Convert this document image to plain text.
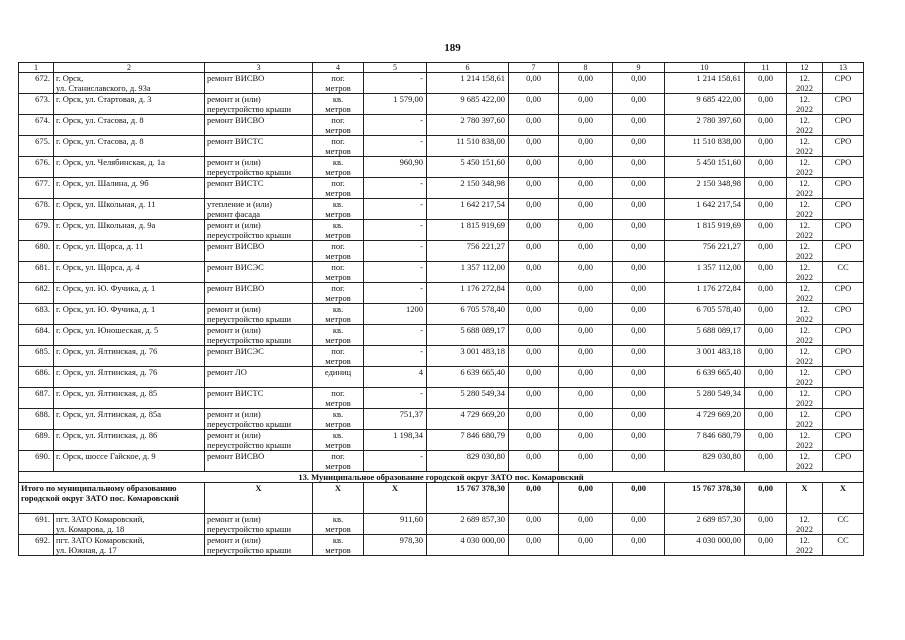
189
1	2	3	4	5	6	7	8	9	10	11	12	13
672.	г. Орск,
ул. Станиславского, д. 93а	ремонт ВИСВО	пог.
метров	-	1 214 158,61	0,00	0,00	0,00	1 214 158,61	0,00	12.
2022	СРО
673.	г. Орск, ул. Стартовая, д. 3	ремонт и (или)
переустройство крыши	кв.
метров	1 579,00	9 685 422,00	0,00	0,00	0,00	9 685 422,00	0,00	12.
2022	СРО
674.	г. Орск, ул. Стасова, д. 8	ремонт ВИСВО	пог.
метров	-	2 780 397,60	0,00	0,00	0,00	2 780 397,60	0,00	12.
2022	СРО
675.	г. Орск, ул. Стасова, д. 8	ремонт ВИСТС	пог.
метров	-	11 510 838,00	0,00	0,00	0,00	11 510 838,00	0,00	12.
2022	СРО
676.	г. Орск, ул. Челябинская, д. 1а	ремонт и (или)
переустройство крыши	кв.
метров	960,90	5 450 151,60	0,00	0,00	0,00	5 450 151,60	0,00	12.
2022	СРО
677.	г. Орск, ул. Шалина, д. 9б	ремонт ВИСТС	пог.
метров	-	2 150 348,98	0,00	0,00	0,00	2 150 348,98	0,00	12.
2022	СРО
678.	г. Орск, ул. Школьная, д. 11	утепление и (или)
ремонт фасада	кв.
метров	-	1 642 217,54	0,00	0,00	0,00	1 642 217,54	0,00	12.
2022	СРО
679.	г. Орск, ул. Школьная, д. 9а	ремонт и (или)
переустройство крыши	кв.
метров	-	1 815 919,69	0,00	0,00	0,00	1 815 919,69	0,00	12.
2022	СРО
680.	г. Орск, ул. Щорса, д. 11	ремонт ВИСВО	пог.
метров	-	756 221,27	0,00	0,00	0,00	756 221,27	0,00	12.
2022	СРО
681.	г. Орск, ул. Щорса, д. 4	ремонт ВИСЭС	пог.
метров	-	1 357 112,00	0,00	0,00	0,00	1 357 112,00	0,00	12.
2022	СС
682.	г. Орск, ул. Ю. Фучика, д. 1	ремонт ВИСВО	пог.
метров	-	1 176 272,84	0,00	0,00	0,00	1 176 272,84	0,00	12.
2022	СРО
683.	г. Орск, ул. Ю. Фучика, д. 1	ремонт и (или)
переустройство крыши	кв.
метров	1200	6 705 578,40	0,00	0,00	0,00	6 705 578,40	0,00	12.
2022	СРО
684.	г. Орск, ул. Юношеская, д. 5	ремонт и (или)
переустройство крыши	кв.
метров	-	5 688 089,17	0,00	0,00	0,00	5 688 089,17	0,00	12.
2022	СРО
685.	г. Орск, ул. Ялтинская, д. 76	ремонт ВИСЭС	пог.
метров	-	3 001 483,18	0,00	0,00	0,00	3 001 483,18	0,00	12.
2022	СРО
686.	г. Орск, ул. Ялтинская, д. 76	ремонт ЛО	единиц	4	6 639 665,40	0,00	0,00	0,00	6 639 665,40	0,00	12.
2022	СРО
687.	г. Орск, ул. Ялтинская, д. 85	ремонт ВИСТС	пог.
метров	-	5 280 549,34	0,00	0,00	0,00	5 280 549,34	0,00	12.
2022	СРО
688.	г. Орск, ул. Ялтинская, д. 85а	ремонт и (или)
переустройство крыши	кв.
метров	751,37	4 729 669,20	0,00	0,00	0,00	4 729 669,20	0,00	12.
2022	СРО
689.	г. Орск, ул. Ялтинская, д. 86	ремонт и (или)
переустройство крыши	кв.
метров	1 198,34	7 846 680,79	0,00	0,00	0,00	7 846 680,79	0,00	12.
2022	СРО
690.	г. Орск, шоссе Гайское, д. 9	ремонт ВИСВО	пог.
метров	-	829 030,80	0,00	0,00	0,00	829 030,80	0,00	12.
2022	СРО
13. Муниципальное образование городской округ ЗАТО пос. Комаровский												
Итого по муниципальному образованию городской округ ЗАТО пос. Комаровский		X	X	X	15 767 378,30	0,00	0,00	0,00	15 767 378,30	0,00	X	X
691.	пгт. ЗАТО Комаровский,
ул. Комарова, д. 18	ремонт и (или)
переустройство крыши	кв.
метров	911,60	2 689 857,30	0,00	0,00	0,00	2 689 857,30	0,00	12.
2022	СС
692.	пгт. ЗАТО Комаровский,
ул. Южная, д. 17	ремонт и (или)
переустройство крыши	кв.
метров	978,30	4 030 000,00	0,00	0,00	0,00	4 030 000,00	0,00	12.
2022	СС
